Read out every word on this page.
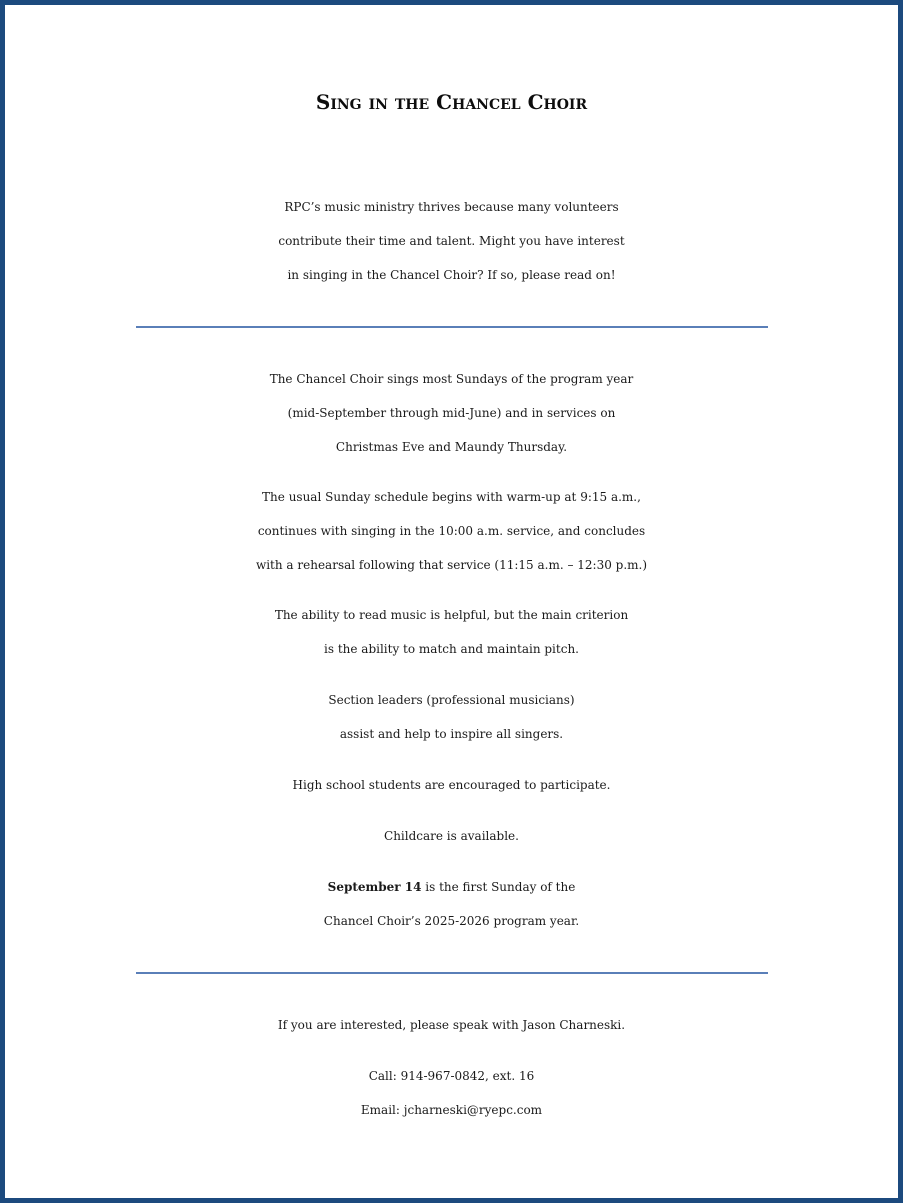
Sing in the Chancel Choir

RPC’s music ministry thrives because many volunteers
contribute their time and talent. Might you have interest
in singing in the Chancel Choir? If so, please read on!

The Chancel Choir sings most Sundays of the program year
(mid-September through mid-June) and in services on
Christmas Eve and Maundy Thursday.

The usual Sunday schedule begins with warm-up at 9:15 a.m.,
continues with singing in the 10:00 a.m. service, and concludes
with a rehearsal following that service (11:15 a.m. – 12:30 p.m.)

The ability to read music is helpful, but the main criterion
is the ability to match and maintain pitch.

Section leaders (professional musicians)
assist and help to inspire all singers.

High school students are encouraged to participate.

Childcare is available.

September 14 is the first Sunday of the
Chancel Choir’s 2025-2026 program year.

If you are interested, please speak with Jason Charneski.

Call: 914-967-0842, ext. 16
Email: jcharneski@ryepc.com
